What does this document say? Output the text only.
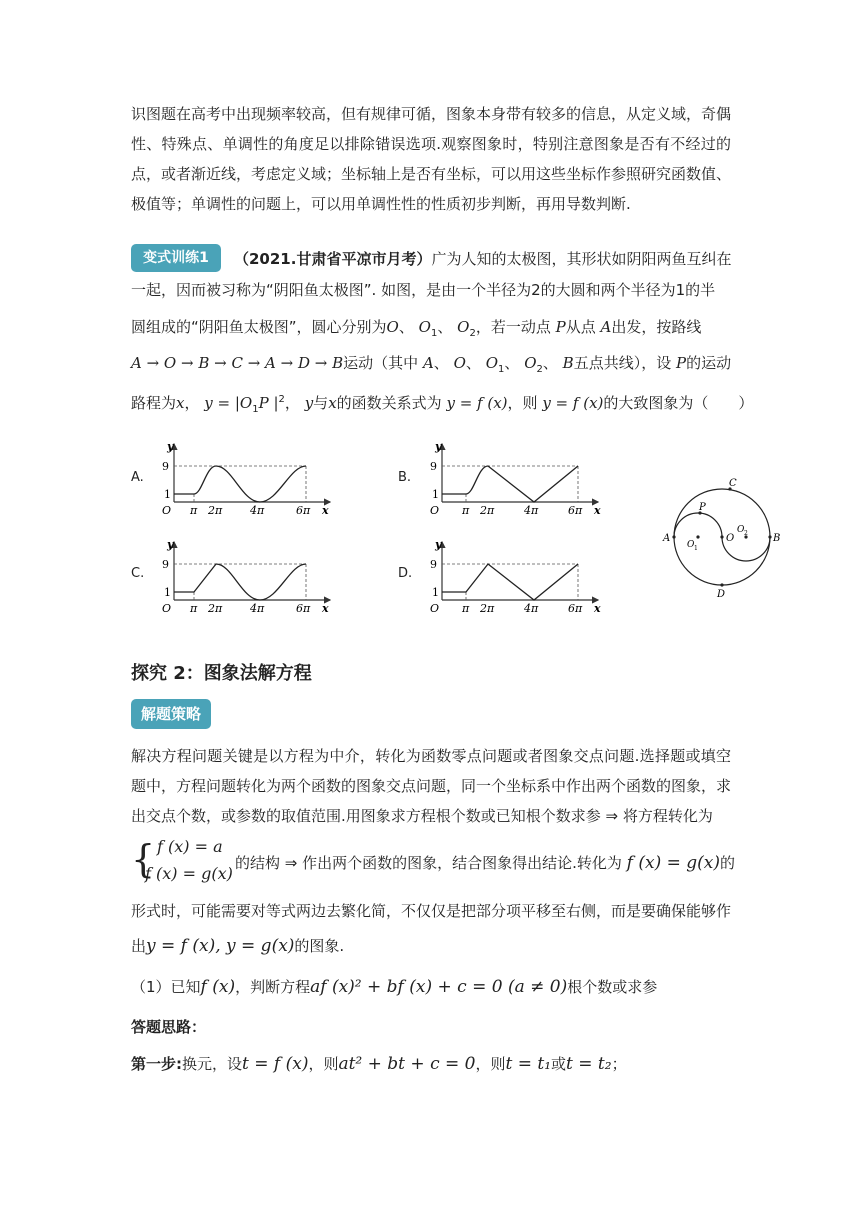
识图题在高考中出现频率较高，但有规律可循，图象本身带有较多的信息，从定义域，奇偶性、特殊点、单调性的角度足以排除错误选项.观察图象时，特别注意图象是否有不经过的点，或者渐近线，考虑定义域；坐标轴上是否有坐标，可以用这些坐标作参照研究函数值、极值等；单调性的问题上，可以用单调性性的性质初步判断，再用导数判断.
变式训练1	（2021.甘肃省平凉市月考）广为人知的太极图，其形状如阴阳两鱼互纠在
一起，因而被习称为“阴阳鱼太极图”. 如图，是由一个半径为2的大圆和两个半径为1的半
圆组成的“阴阳鱼太极图”，圆心分别为O、 $O_1$、 $O_2$，若一动点 P从点 A出发，按路线
A → O → B → C → A → D → B运动（其中 A、 O、 $O_1$、 $O_2$、 B五点共线），设 P的运动
路程为x， $y = |O_1P$ $|^2$， y与x的函数关系式为 y = f (x)，则 y = f (x)的大致图象为（　　）
A.	B.
C.	D.
y
9
1
O π 2π	4π	6π x
y
9
1
O π 2π	4π	6π x
y
9
1
O π 2π	4π	6π x
y
9
1
O π 2π	4π	6π x
A	B
C
D
P
O
O 1
O 2
探究 2：图象法解方程
解题策略
解决方程问题关键是以方程为中介，转化为函数零点问题或者图象交点问题.选择题或填空题中，方程问题转化为两个函数的图象交点问题，同一个坐标系中作出两个函数的图象，求出交点个数，或参数的取值范围.用图象求方程根个数或已知根个数求参 ⇒ 将方程转化为
{ f (x) = a
f (x) = g(x)
的结构 ⇒ 作出两个函数的图象，结合图象得出结论.转化为 f (x) = g(x)的
形式时，可能需要对等式两边去繁化简，不仅仅是把部分项平移至右侧，而是要确保能够作
出y = f (x), y = g(x)的图象.
（1）已知f (x)，判断方程af (x)² + bf (x) + c = 0 (a ≠ 0)根个数或求参
答题思路：
第一步:换元，设t = f (x)，则at² + bt + c = 0，则t = t₁或t = t₂；
